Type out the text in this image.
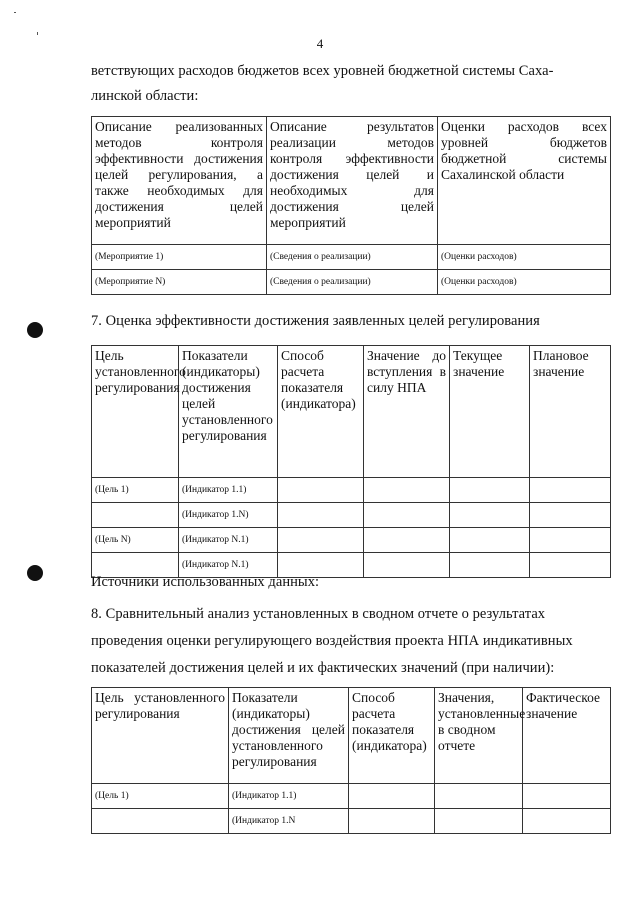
4
ветствующих расходов бюджетов всех уровней бюджетной системы Саха-
линской области:
Описание реализованных методов контроля эффективности достижения целей регулирования, а также необходимых для достижения целей мероприятий	Описание результатов реализации методов контроля эффективности достижения целей и необходимых для достижения целей мероприятий	Оценки расходов всех уровней бюджетов бюджетной системы Сахалинской области
(Мероприятие 1)	(Сведения о реализации)	(Оценки расходов)
(Мероприятие N)	(Сведения о реализации)	(Оценки расходов)
7. Оценка эффективности достижения заявленных целей регулирования
Цель установленного регулирования	Показатели (индикаторы) достижения целей установленного регулирования	Способ расчета показателя (индикатора)	Значение до вступления в силу НПА	Текущее значение	Плановое значение
(Цель 1)	(Индикатор 1.1)				
	(Индикатор 1.N)				
(Цель N)	(Индикатор N.1)				
	(Индикатор N.1)				
Источники использованных данных:
8. Сравнительный анализ установленных в сводном отчете о результатах
проведения оценки регулирующего воздействия проекта НПА индикативных
показателей достижения целей и их фактических значений (при наличии):
Цель установленного регулирования	Показатели (индикаторы) достижения целей установленного регулирования	Способ расчета показателя (индикатора)	Значения, установленные в сводном отчете	Фактическое значение
(Цель 1)	(Индикатор 1.1)			
	(Индикатор 1.N			
